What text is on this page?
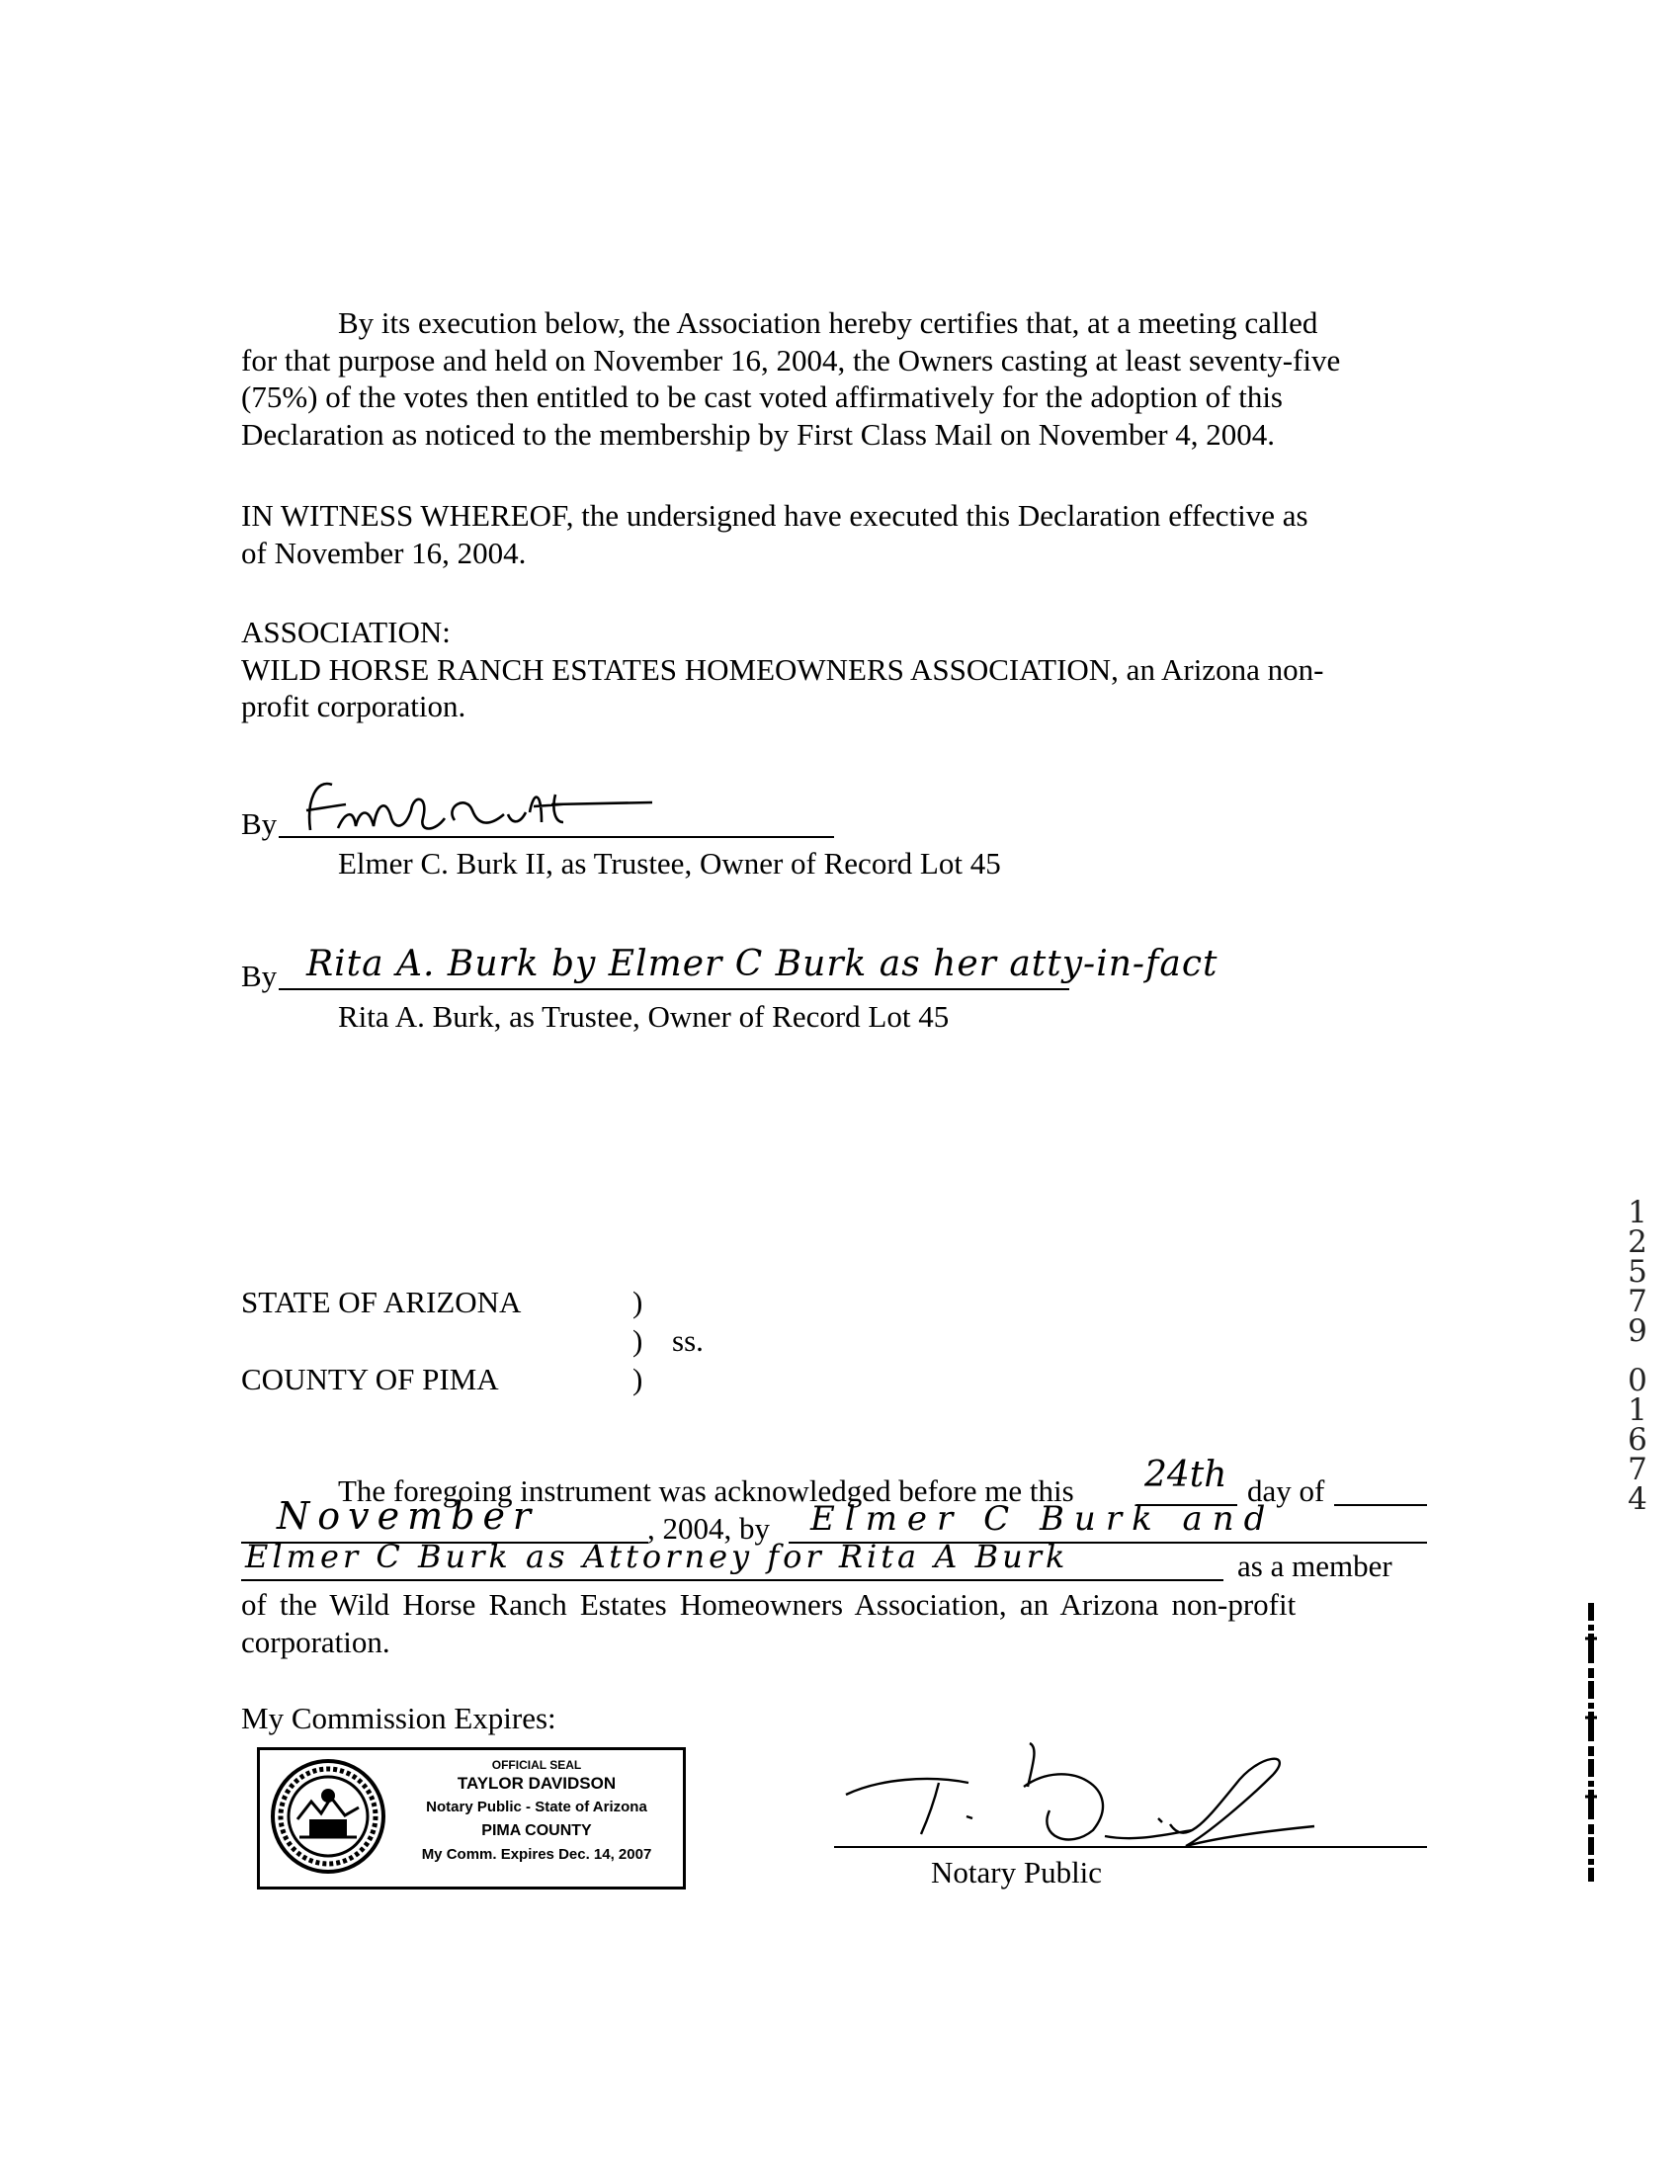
By its execution below, the Association hereby certifies that, at a meeting called
for that purpose and held on November 16, 2004, the Owners casting at least seventy-five
(75%) of the votes then entitled to be cast voted affirmatively for the adoption of this
Declaration as noticed to the membership by First Class Mail on November 4, 2004.
IN WITNESS WHEREOF, the undersigned have executed this Declaration effective as
of November 16, 2004.
ASSOCIATION:
WILD HORSE RANCH ESTATES HOMEOWNERS ASSOCIATION, an Arizona non-
profit corporation.
By
Elmer C. Burk II, as Trustee, Owner of Record Lot 45
By Rita A. Burk by Elmer C Burk as her atty-in-fact
Rita A. Burk, as Trustee, Owner of Record Lot 45
STATE OF ARIZONA	)
) ss.
COUNTY OF PIMA	)
The foregoing instrument was acknowledged before me this 24th day of
November	, 2004, by Elmer C Burk and
Elmer C Burk as Attorney for Rita A Burk	as a member
of the Wild Horse Ranch Estates Homeowners Association, an Arizona non-profit
corporation.
My Commission Expires:
OFFICIAL SEAL
TAYLOR DAVIDSON
Notary Public - State of Arizona
PIMA COUNTY
My Comm. Expires Dec. 14, 2007
Notary Public
1
2
5
7
9
0
1
6
7
4
